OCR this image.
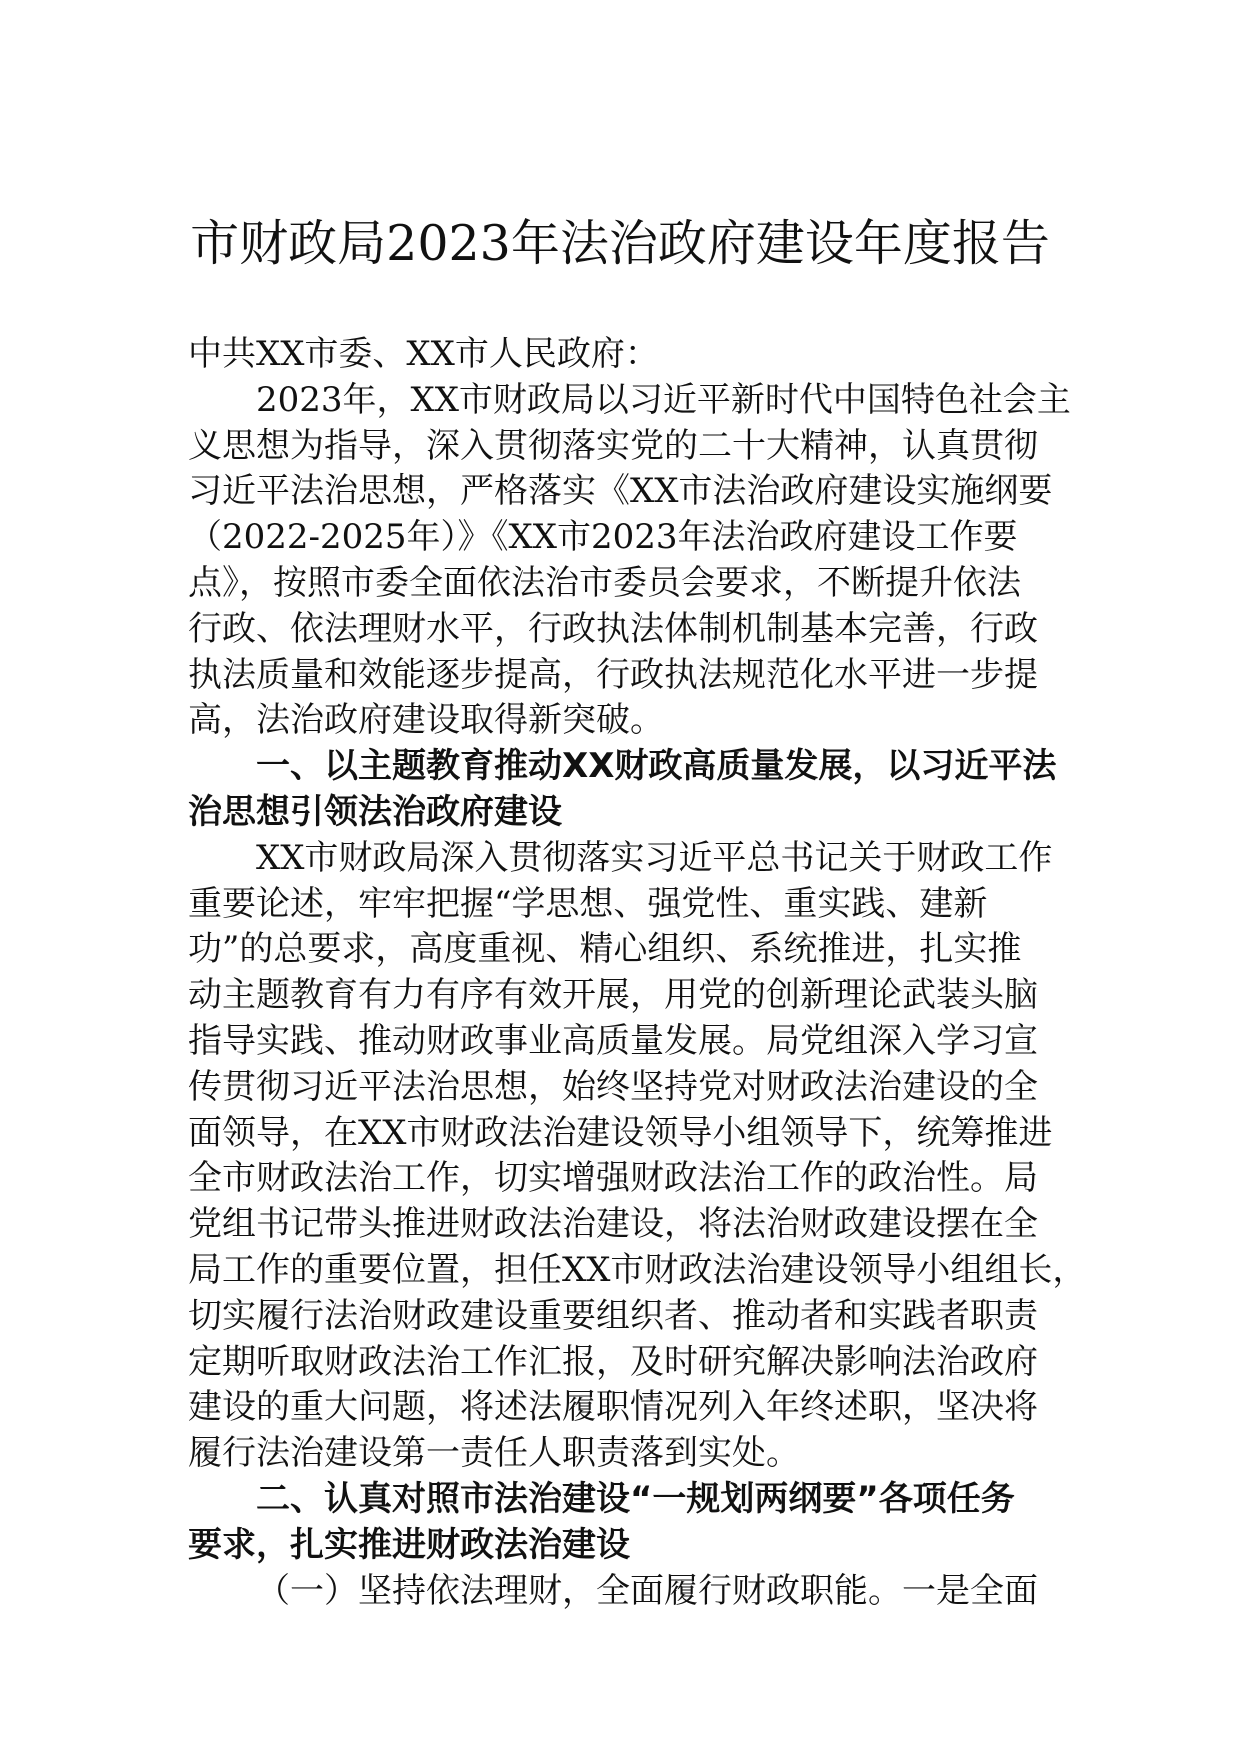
市财政局2023年法治政府建设年度报告
中共XX市委、XX市人民政府：
2023年，XX市财政局以习近平新时代中国特色社会主
义思想为指导，深入贯彻落实党的二十大精神，认真贯彻
习近平法治思想，严格落实《XX市法治政府建设实施纲要
（2022-2025年）》《XX市2023年法治政府建设工作要
点》，按照市委全面依法治市委员会要求，不断提升依法
行政、依法理财水平，行政执法体制机制基本完善，行政
执法质量和效能逐步提高，行政执法规范化水平进一步提
高，法治政府建设取得新突破。
一、以主题教育推动XX财政高质量发展，以习近平法
治思想引领法治政府建设
XX市财政局深入贯彻落实习近平总书记关于财政工作
重要论述，牢牢把握“学思想、强党性、重实践、建新
功”的总要求，高度重视、精心组织、系统推进，扎实推
动主题教育有力有序有效开展，用党的创新理论武装头脑
指导实践、推动财政事业高质量发展。局党组深入学习宣
传贯彻习近平法治思想，始终坚持党对财政法治建设的全
面领导，在XX市财政法治建设领导小组领导下，统筹推进
全市财政法治工作，切实增强财政法治工作的政治性。局
党组书记带头推进财政法治建设，将法治财政建设摆在全
局工作的重要位置，担任XX市财政法治建设领导小组组长，
切实履行法治财政建设重要组织者、推动者和实践者职责
定期听取财政法治工作汇报，及时研究解决影响法治政府
建设的重大问题，将述法履职情况列入年终述职，坚决将
履行法治建设第一责任人职责落到实处。
二、认真对照市法治建设“一规划两纲要”各项任务
要求，扎实推进财政法治建设
（一）坚持依法理财，全面履行财政职能。一是全面
